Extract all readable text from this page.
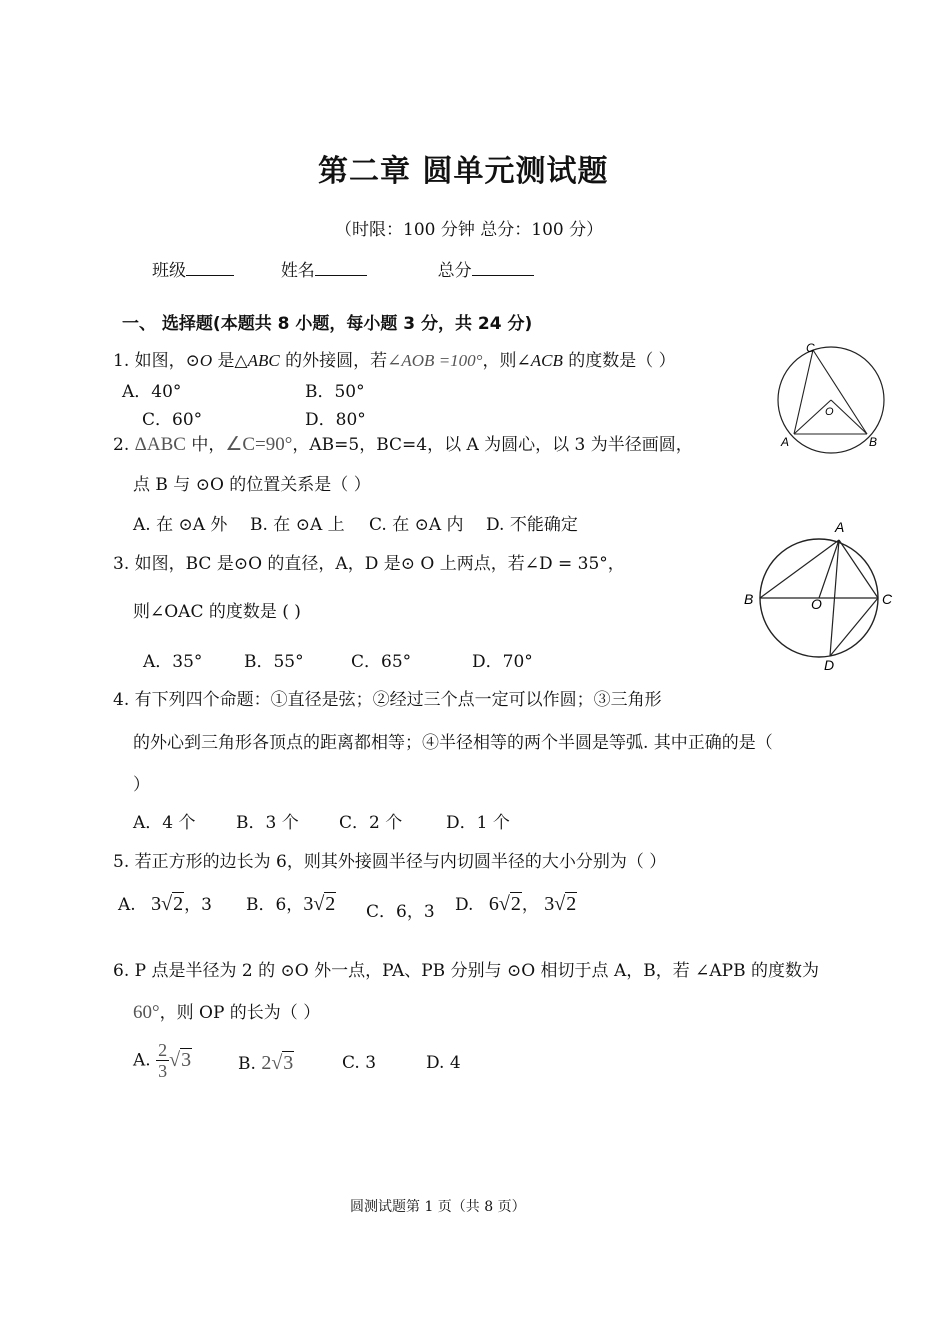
第二章 圆单元测试题
（时限：100 分钟 总分：100 分）
班级	姓名	总分
一、 选择题(本题共 8 小题，每小题 3 分，共 24 分)
1. 如图，⊙O 是△ABC 的外接圆，若∠AOB =100°，则∠ACB 的度数是（ ）
A．40°	B．50°
C．60°	D．80°
C
O
A	B
2. ΔABC 中，∠C=90°，AB=5，BC=4，以 A 为圆心，以 3 为半径画圆，
点 B 与 ⊙O 的位置关系是（ ）
A. 在 ⊙A 外 B. 在 ⊙A 上 C. 在 ⊙A 内 D. 不能确定
3. 如图，BC 是⊙O 的直径，A，D 是⊙ O 上两点，若∠D = 35°，
则∠OAC 的度数是 ( )
A．35° B．55°	C．65°	D．70°
A
B	O	C
D
4. 有下列四个命题：①直径是弦；②经过三个点一定可以作圆；③三角形
的外心到三角形各顶点的距离都相等；④半径相等的两个半圆是等弧. 其中正确的是（
）
A．4 个 B．3 个 C．2 个	D．1 个
5. 若正方形的边长为 6，则其外接圆半径与内切圆半径的大小分别为（ ）
A. 3√2，3 B．6，3√2 C．6，3 D. 6√2， 3√2
6. P 点是半径为 2 的 ⊙O 外一点，PA、PB 分别与 ⊙O 相切于点 A，B，若 ∠APB 的度数为
60°，则 OP 的长为（ ）
A. $\frac{2}{3} √3$	B. 2√3	C. 3	D. 4
圆测试题第 1 页（共 8 页）
